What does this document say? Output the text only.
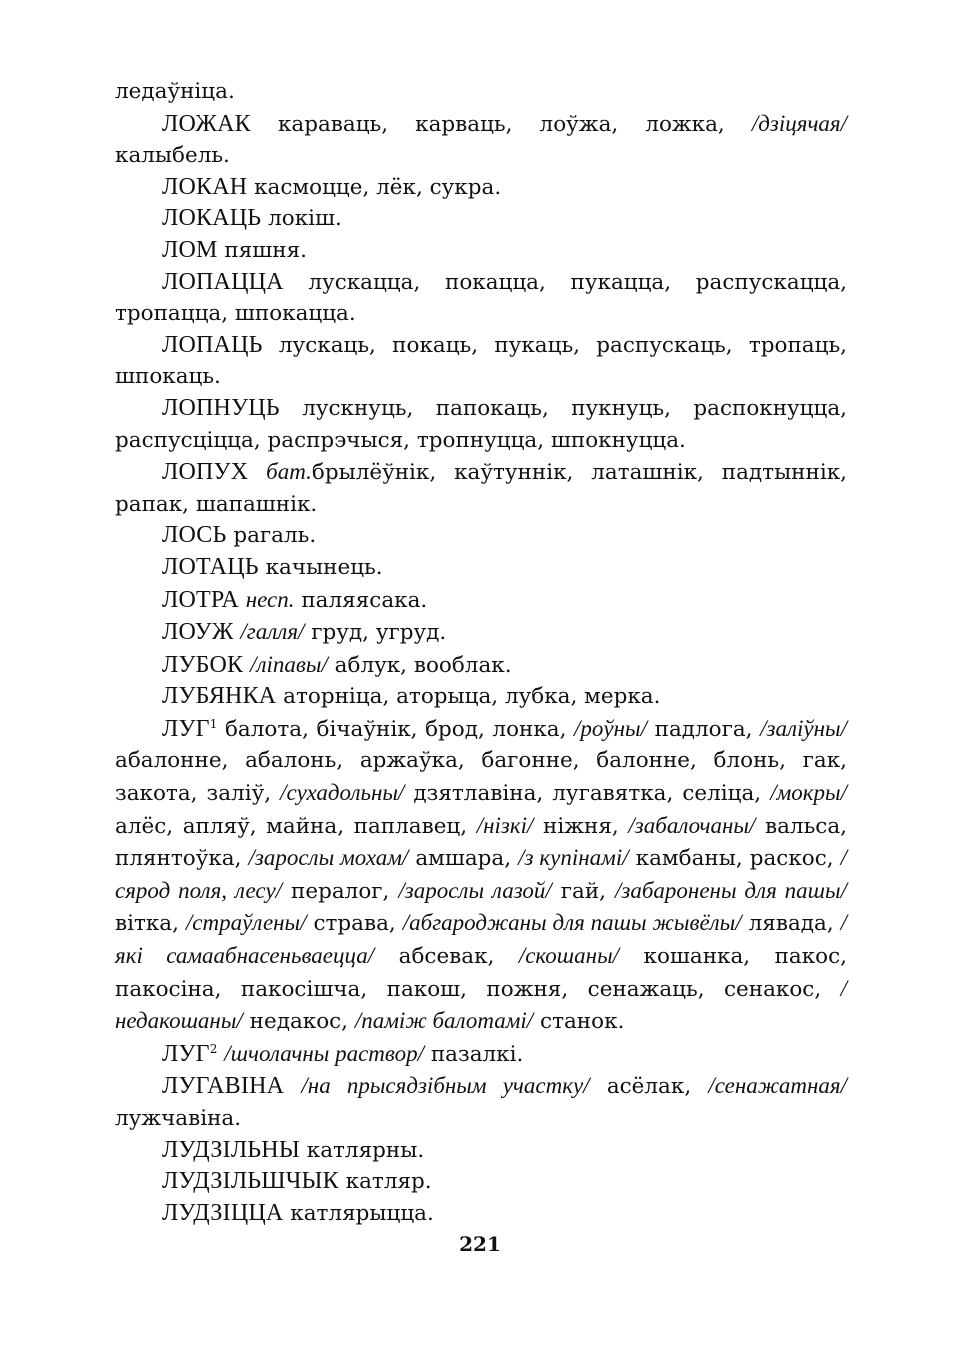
ледаўніца.

ЛОЖАК караваць, карваць, лоўжа, ложка, /дзіцячая/ калыбель.

ЛОКАН касмоцце, лёк, сукра.

ЛОКАЦЬ локіш.

ЛОМ пяшня.

ЛОПАЦЦА лускацца, покацца, пукацца, распускацца, тропацца, шпокацца.

ЛОПАЦЬ лускаць, покаць, пукаць, распускаць, тропаць, шпокаць.

ЛОПНУЦЬ лускнуць, папокаць, пукнуць, распокнуцца, распусціцца, распрэчыся, тропнуцца, шпокнуцца.

ЛОПУХ бат.брылёўнік, каўтуннік, латашнік, падтыннік, рапак, шапашнік.

ЛОСЬ рагаль.

ЛОТАЦЬ качынець.

ЛОТРА несп. паляясака.

ЛОУЖ /галля/ груд, угруд.

ЛУБОК /ліпавы/ аблук, вооблак.

ЛУБЯНКА аторніца, аторыца, лубка, мерка.

ЛУГ$^1$ балота, бічаўнік, брод, лонка, /роўны/ падлога, /заліўны/ абалонне, абалонь, аржаўка, багонне, балонне, блонь, гак, закота, заліў, /сухадольны/ дзятлавіна, лугавятка, селіца, /мокры/ алёс, апляў, майна, паплавец, /нізкі/ ніжня, /забалочаны/ вальса, плянтоўка, /зарослы мохам/ амшара, /з купінамі/ камбаны, раскос, /сярод поля, лесу/ пералог, /зарослы лазой/ гай, /забаронены для пашы/ вітка, /страўлены/ страва, /абгароджаны для пашы жывёлы/ лявада, /які самаабнасеньваецца/ абсевак, /скошаны/ кошанка, пакос, пакосіна, пакосішча, пакош, пожня, сенажаць, сенакос, /недакошаны/ недакос, /паміж балотамі/ станок.

ЛУГ$^2$ /шчолачны раствор/ пазалкі.

ЛУГАВІНА /на прысядзібным участку/ асёлак, /сенажатная/ лужчавіна.

ЛУДЗІЛЬНЫ катлярны.

ЛУДЗІЛЬШЧЫК катляр.

ЛУДЗІЦЦА катлярыцца.

221
